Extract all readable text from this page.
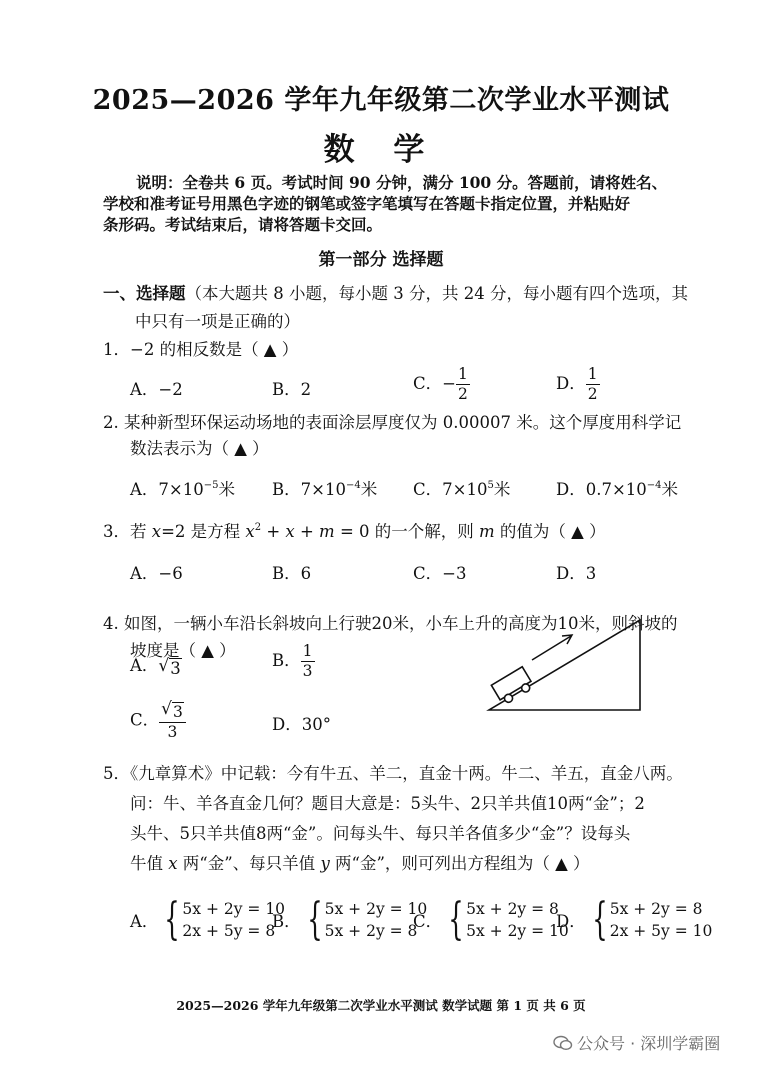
2025—2026 学年九年级第二次学业水平测试
数 学
说明：全卷共 6 页。考试时间 90 分钟，满分 100 分。答题前，请将姓名、
学校和准考证号用黑色字迹的钢笔或签字笔填写在答题卡指定位置，并粘贴好
条形码。考试结束后，请将答题卡交回。
第一部分 选择题
一、选择题（本大题共 8 小题，每小题 3 分，共 24 分，每小题有四个选项，其
中只有一项是正确的）
1．−2 的相反数是（ ▲ ）
A．−2	B．2	C．− $\frac{1}{2}$	D． $\frac{1}{2}$
2. 某种新型环保运动场地的表面涂层厚度仅为 0.00007 米。这个厚度用科学记
数法表示为（ ▲ ）
A．$7\times 10^{-5}$米 B．$7\times 10^{-4}$米 C．$7\times 10^5$米	D．$0.7\times 10^{-4}$米
3．若 x=2 是方程 $x^2 + x + m = 0$ 的一个解，则 m 的值为（ ▲ ）
A．−6	B．6	C．−3	D．3
4. 如图，一辆小车沿长斜坡向上行驶20米，小车上升的高度为10米，则斜坡的
坡度是（ ▲ ）
A． √ 3	B． $\frac{1}{3}$
C． $\frac{√ 3}{3}$	D．30°
5．《九章算术》中记载：今有牛五、羊二，直金十两。牛二、羊五，直金八两。
问：牛、羊各直金几何？题目大意是：5头牛、2只羊共值10两“金”；2
头牛、5只羊共值8两“金”。问每头牛、每只羊各值多少“金”？设每头
牛值 x 两“金”、每只羊值 y 两“金”，则可列出方程组为（ ▲ ）
A． { 5x + 2y = 10
2x + 5y = 8
B． { 5x + 2y = 10
5x + 2y = 8
C． { 5x + 2y = 8
5x + 2y = 10
D． { 5x + 2y = 8
2x + 5y = 10
2025—2026 学年九年级第二次学业水平测试 数学试题 第 1 页 共 6 页
公众号 · 深圳学霸圈
